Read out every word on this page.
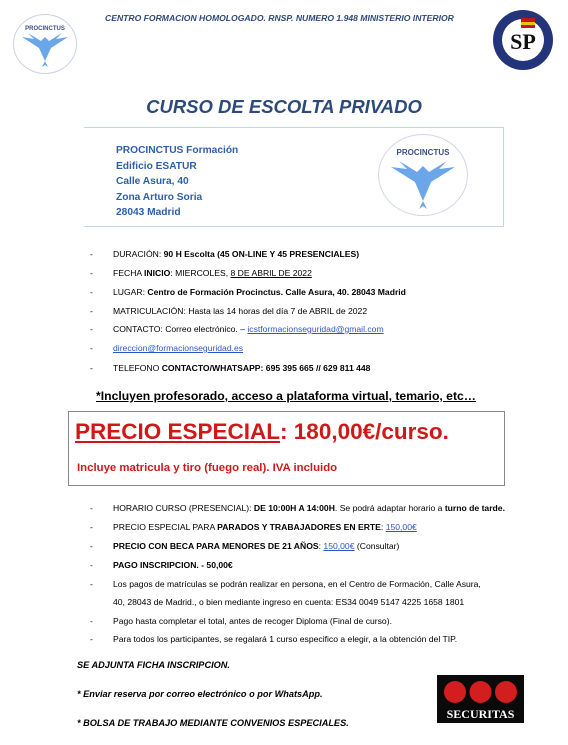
PROCINCTUS
CENTRO FORMACION HOMOLOGADO. RNSP. NUMERO 1.948 MINISTERIO INTERIOR
SP
CURSO DE ESCOLTA PRIVADO
PROCINCTUS Formación
Edificio ESATUR
Calle Asura, 40
Zona Arturo Soria
28043 Madrid
PROCINCTUS
- DURACIÓN: 90 H Escolta (45 ON-LINE Y 45 PRESENCIALES)
- FECHA INICIO: MIERCOLES, 8 DE ABRIL DE 2022
- LUGAR: Centro de Formación Procinctus. Calle Asura, 40. 28043 Madrid
- MATRICULACIÓN: Hasta las 14 horas del día 7 de ABRIL de 2022
- CONTACTO: Correo electrónico. – icstformacionseguridad@gmail.com
- direccion@formacionseguridad.es
- TELEFONO CONTACTO/WHATSAPP: 695 395 665 // 629 811 448
*Incluyen profesorado, acceso a plataforma virtual, temario, etc…
PRECIO ESPECIAL: 180,00€/curso.
Incluye matricula y tiro (fuego real). IVA incluido
- HORARIO CURSO (PRESENCIAL): DE 10:00H A 14:00H. Se podrá adaptar horario a turno de tarde.
- PRECIO ESPECIAL PARA PARADOS Y TRABAJADORES EN ERTE: 150,00€
- PRECIO CON BECA PARA MENORES DE 21 AÑOS: 150,00€ (Consultar)
- PAGO INSCRIPCION. - 50,00€
- Los pagos de matrículas se podrán realizar en persona, en el Centro de Formación, Calle Asura,
40, 28043 de Madrid., o bien mediante ingreso en cuenta: ES34 0049 5147 4225 1658 1801
- Pago hasta completar el total, antes de recoger Diploma (Final de curso).
- Para todos los participantes, se regalará 1 curso especifico a elegir, a la obtención del TIP.
SE ADJUNTA FICHA INSCRIPCION.
* Enviar reserva por correo electrónico o por WhatsApp.
* BOLSA DE TRABAJO MEDIANTE CONVENIOS ESPECIALES.
SECURITAS
